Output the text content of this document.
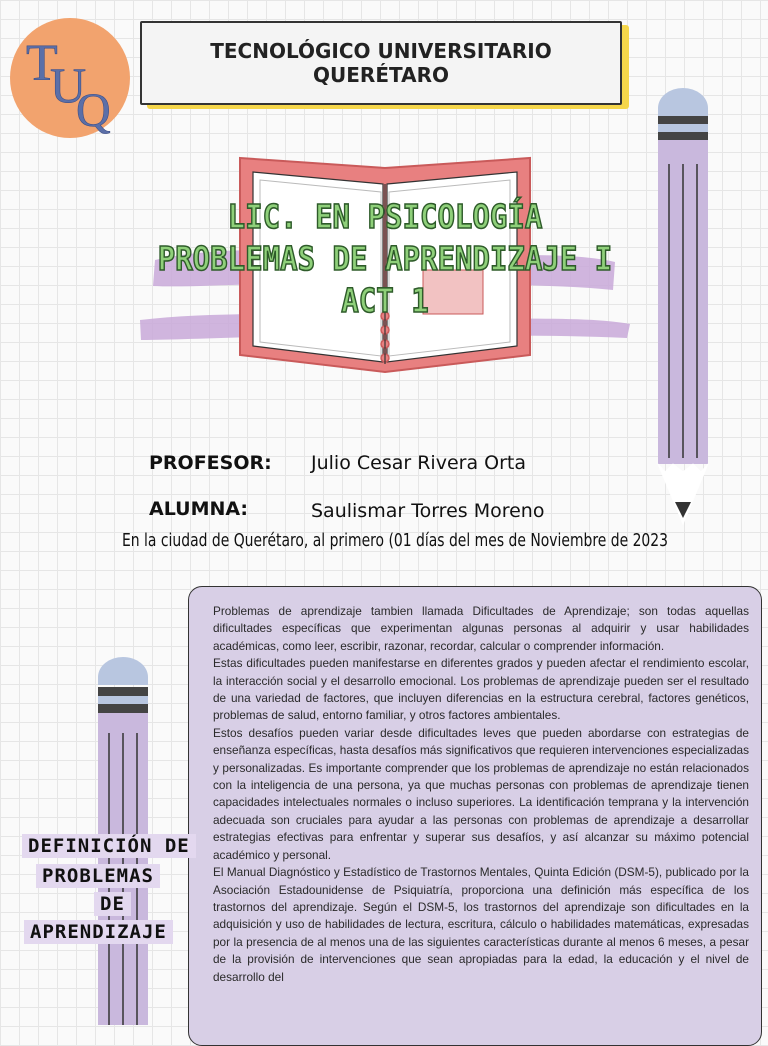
T
U
Q
TECNOLÓGICO UNIVERSITARIO
QUERÉTARO
LIC. EN PSICOLOGÍA
PROBLEMAS DE APRENDIZAJE I
ACT 1
PROFESOR: Julio Cesar Rivera Orta
ALUMNA:	Saulismar Torres Moreno
En la ciudad de Querétaro, al primero (01 días del mes de Noviembre de 2023

Problemas de aprendizaje tambien llamada Dificultades de Aprendizaje; son todas aquellas dificultades específicas que experimentan algunas personas al adquirir y usar habilidades académicas, como leer, escribir, razonar, recordar, calcular o comprender información.

Estas dificultades pueden manifestarse en diferentes grados y pueden afectar el rendimiento escolar, la interacción social y el desarrollo emocional. Los problemas de aprendizaje pueden ser el resultado de una variedad de factores, que incluyen diferencias en la estructura cerebral, factores genéticos, problemas de salud, entorno familiar, y otros factores ambientales.

Estos desafíos pueden variar desde dificultades leves que pueden abordarse con estrategias de enseñanza específicas, hasta desafíos más significativos que requieren intervenciones especializadas y personalizadas. Es importante comprender que los problemas de aprendizaje no están relacionados con la inteligencia de una persona, ya que muchas personas con problemas de aprendizaje tienen capacidades intelectuales normales o incluso superiores. La identificación temprana y la intervención adecuada son cruciales para ayudar a las personas con problemas de aprendizaje a desarrollar estrategias efectivas para enfrentar y superar sus desafíos, y así alcanzar su máximo potencial académico y personal.

El Manual Diagnóstico y Estadístico de Trastornos Mentales, Quinta Edición (DSM-5), publicado por la Asociación Estadounidense de Psiquiatría, proporciona una definición más específica de los trastornos del aprendizaje. Según el DSM-5, los trastornos del aprendizaje son dificultades en la adquisición y uso de habilidades de lectura, escritura, cálculo o habilidades matemáticas, expresadas por la presencia de al menos una de las siguientes características durante al menos 6 meses, a pesar de la provisión de intervenciones que sean apropiadas para la edad, la educación y el nivel de desarrollo del

DEFINICIÓN DE
PROBLEMAS
DE
APRENDIZAJE
